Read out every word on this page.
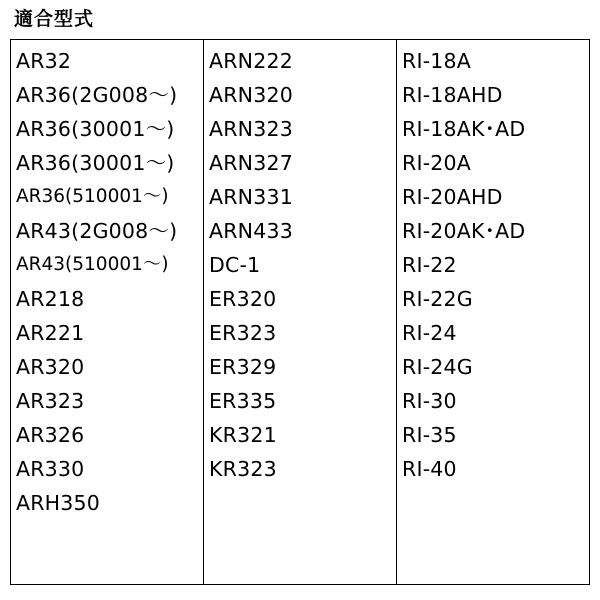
適合型式
AR32
AR36(2G008～)
AR36(30001～)
AR36(30001～)
AR36(510001～)
AR43(2G008～)
AR43(510001～)
AR218
AR221
AR320
AR323
AR326
AR330
ARH350
ARN222
ARN320
ARN323
ARN327
ARN331
ARN433
DC-1
ER320
ER323
ER329
ER335
KR321
KR323
RI-18A
RI-18AHD
RI-18AK･AD
RI-20A
RI-20AHD
RI-20AK･AD
RI-22
RI-22G
RI-24
RI-24G
RI-30
RI-35
RI-40
